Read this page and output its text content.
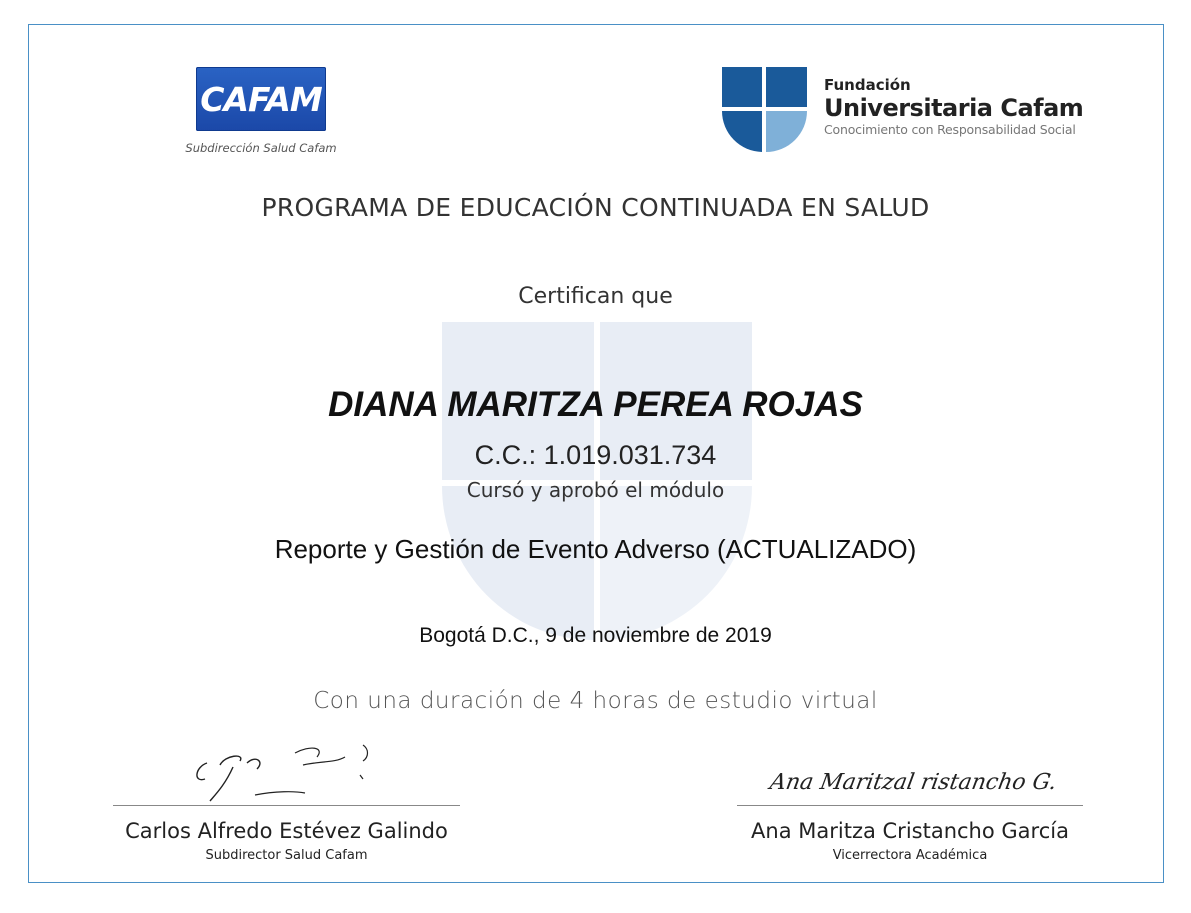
CAFAM
Subdirección Salud Cafam
Fundación
Universitaria Cafam
Conocimiento con Responsabilidad Social
PROGRAMA DE EDUCACIÓN CONTINUADA EN SALUD
Certifican que
DIANA MARITZA PEREA ROJAS
C.C.: 1.019.031.734
Cursó y aprobó el módulo
Reporte y Gestión de Evento Adverso (ACTUALIZADO)
Bogotá D.C., 9 de noviembre de 2019
Con una duración de 4 horas de estudio virtual
Ana Maritzal ristancho G.
Carlos Alfredo Estévez Galindo
Subdirector Salud Cafam
Ana Maritza Cristancho García
Vicerrectora Académica
